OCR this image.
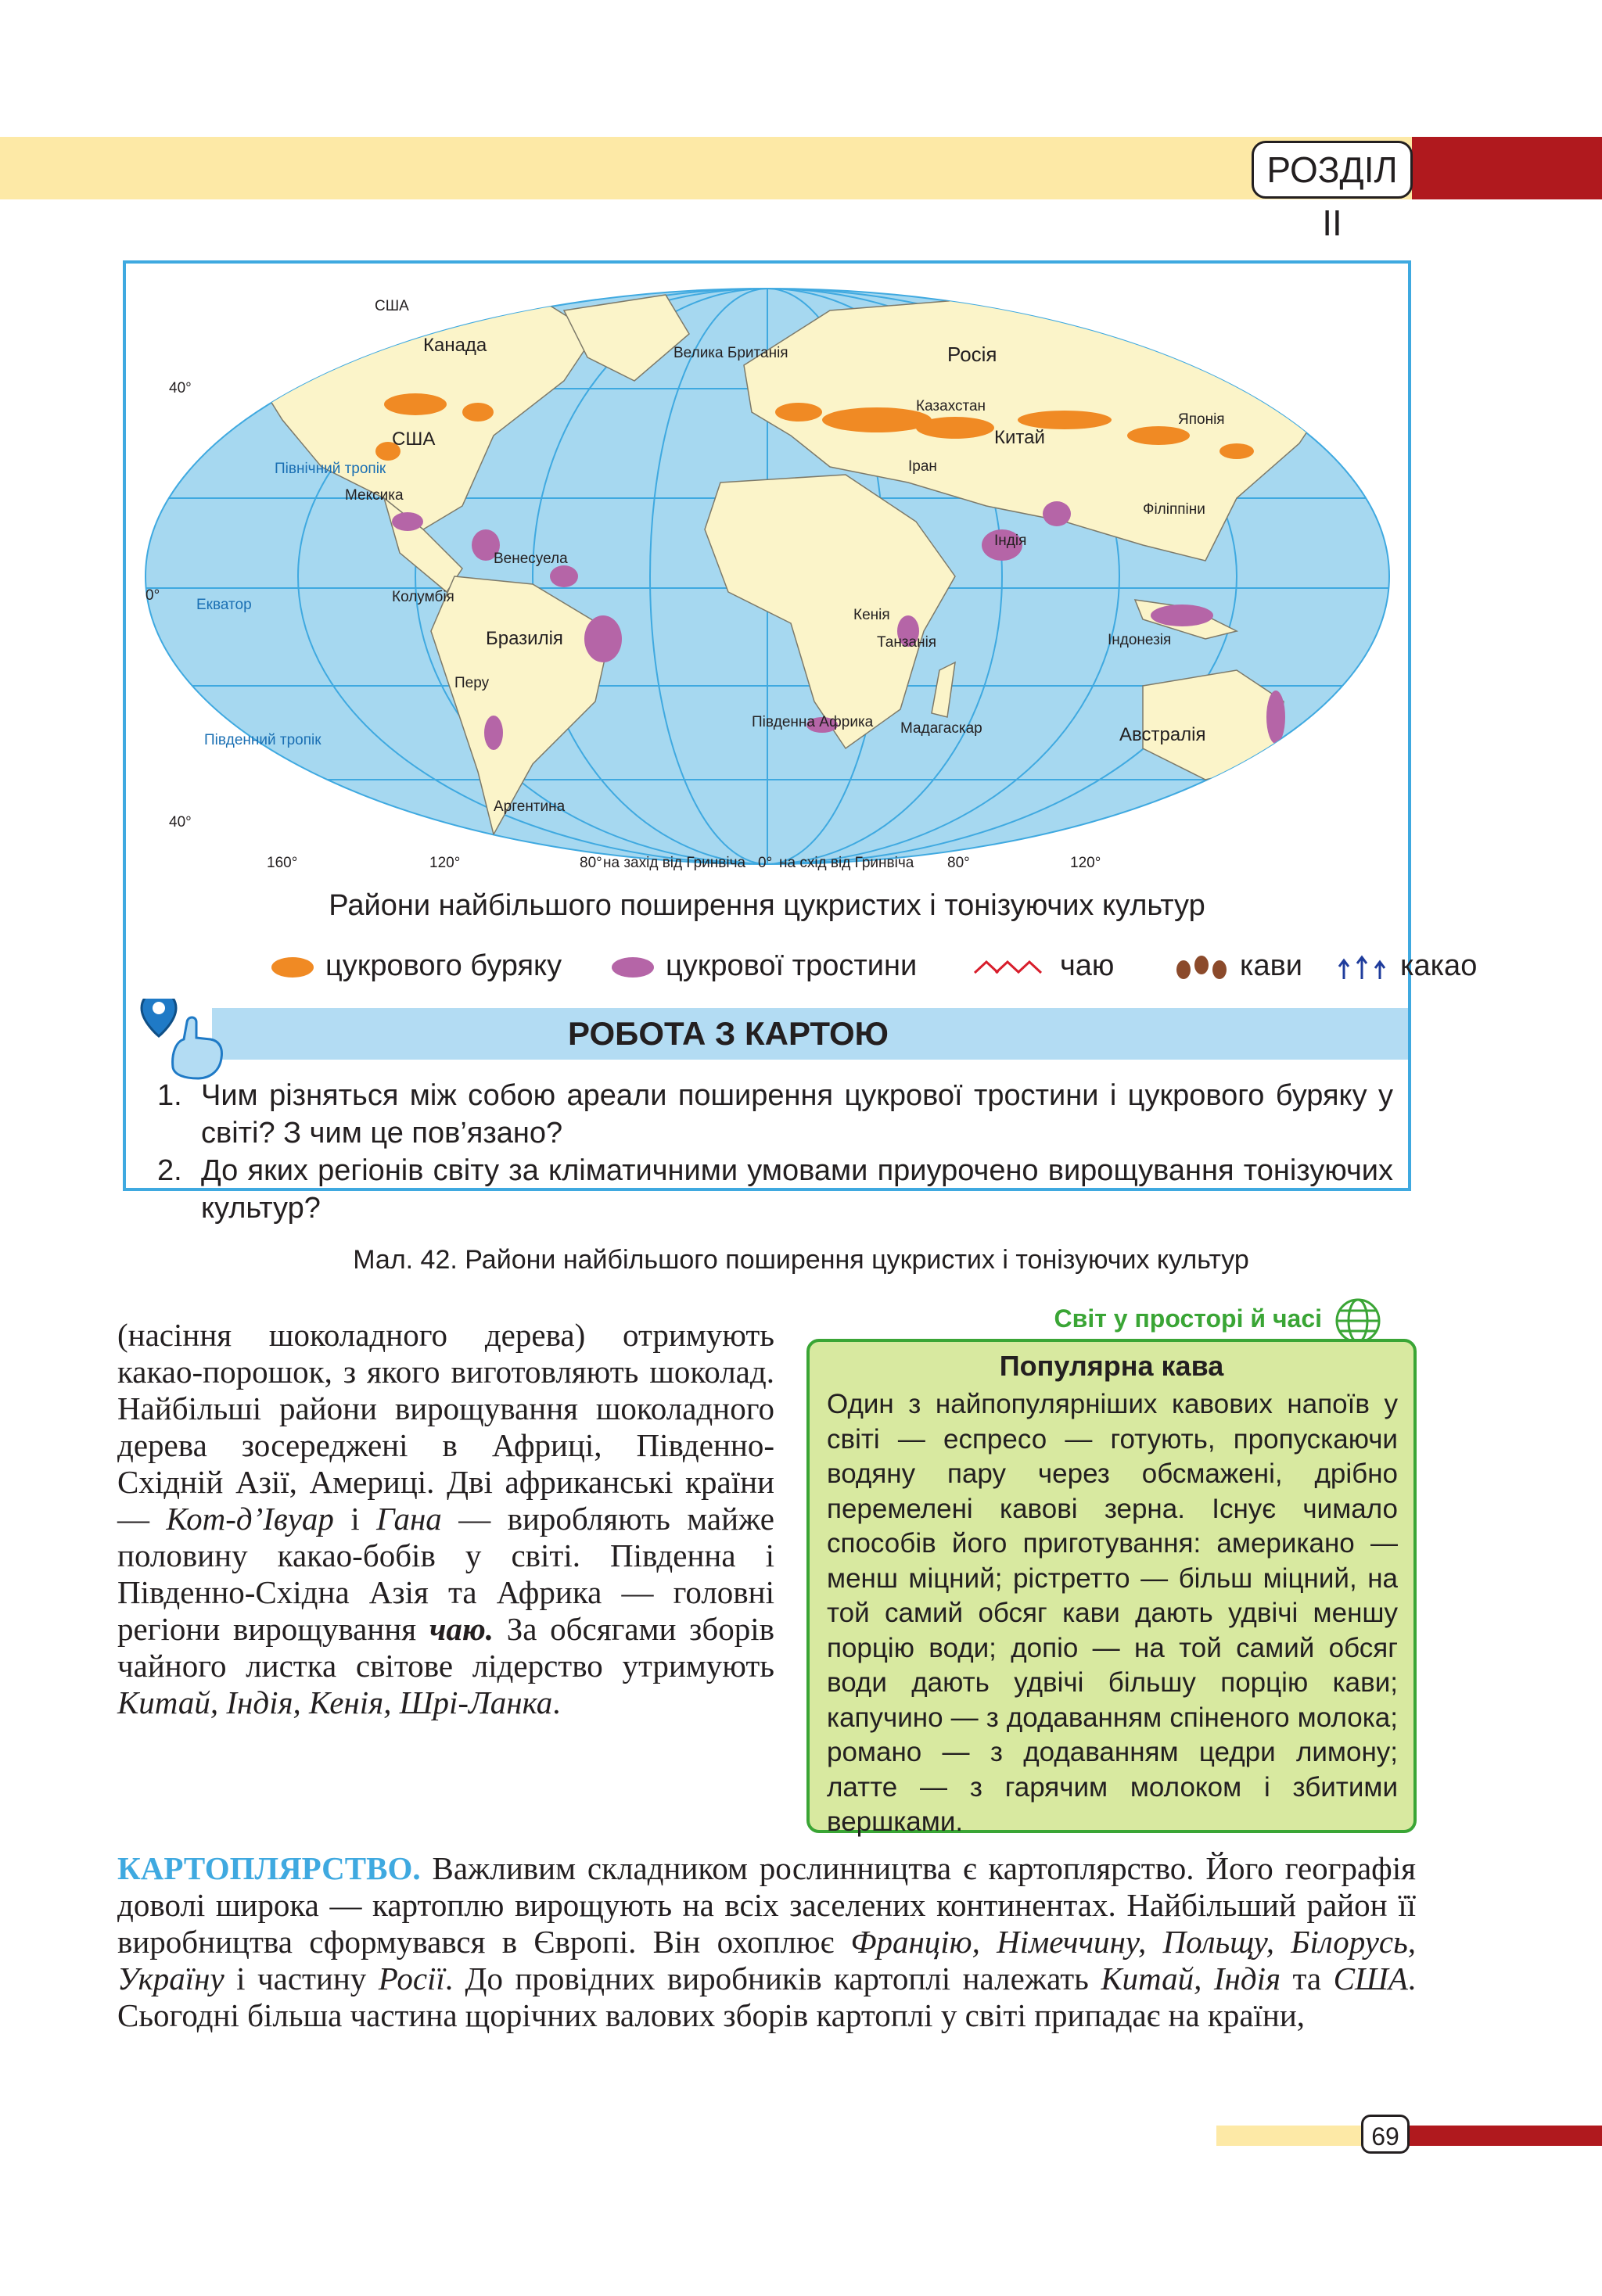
РОЗДІЛ ІІ
США
Канада
США
Мексика
Північний тропік
Екватор
Південний тропік
Венесуела
Колумбія
Бразилія
Перу
Аргентина
Велика Британія	Росія
Казахстан
Китай
Японія
Іран
Індія
Філіппіни
Індонезія
Кенія
Танзанія
Південна Африка Мадагаскар	Австралія
40°
0°
40°
160°	120°	80° на захід від Гринвіча 0° на схід від Гринвіча 80°	120°
Райони найбільшого поширення цукристих і тонізуючих культур
цукрового буряку	цукрової тростини	чаю	кави	какао
РОБОТА З КАРТОЮ
1. Чим різняться між собою ареали поширення цукрової тростини і цукрового буряку у світі? З чим це пов’язано?
2. До яких регіонів світу за кліматичними умовами приурочено вирощування тонізуючих культур?
Мал. 42. Райони найбільшого поширення цукристих і тонізуючих культур

(насіння шоколадного дерева) отримують какао-порошок, з якого виготовляють шоколад. Найбільші райони вирощування шоколадного дерева зосереджені в Африці, Південно-Східній Азії, Америці. Дві африканські країни — Кот-д’Івуар і Гана — виробляють майже половину какао-бобів у світі. Південна і Південно-Східна Азія та Африка — головні регіони вирощування чаю. За обсягами зборів чайного листка світове лідерство утримують Китай, Індія, Кенія, Шрі-Ланка.

Світ у просторі й часі
Популярна кава
Один з найпопулярніших кавових напоїв у світі — еспресо — готують, пропускаючи водяну пару через обсмажені, дрібно перемелені кавові зерна. Існує чимало способів його приготування: американо — менш міцний; рістретто — більш міцний, на той самий обсяг кави дають удвічі меншу порцію води; допіо — на той самий обсяг води дають удвічі більшу порцію кави; капучино — з додаванням спіненого молока; романо — з додаванням цедри лимону; латте — з гарячим молоком і збитими вершками.

КАРТОПЛЯРСТВО. Важливим складником рослинництва є картоплярство. Його географія доволі широка — картоплю вирощують на всіх заселених континентах. Найбільший район її виробництва сформувався в Європі. Він охоплює Францію, Німеччину, Польщу, Білорусь, Україну і частину Росії. До провідних виробників картоплі належать Китай, Індія та США. Сьогодні більша частина щорічних валових зборів картоплі у світі припадає на країни,

69
